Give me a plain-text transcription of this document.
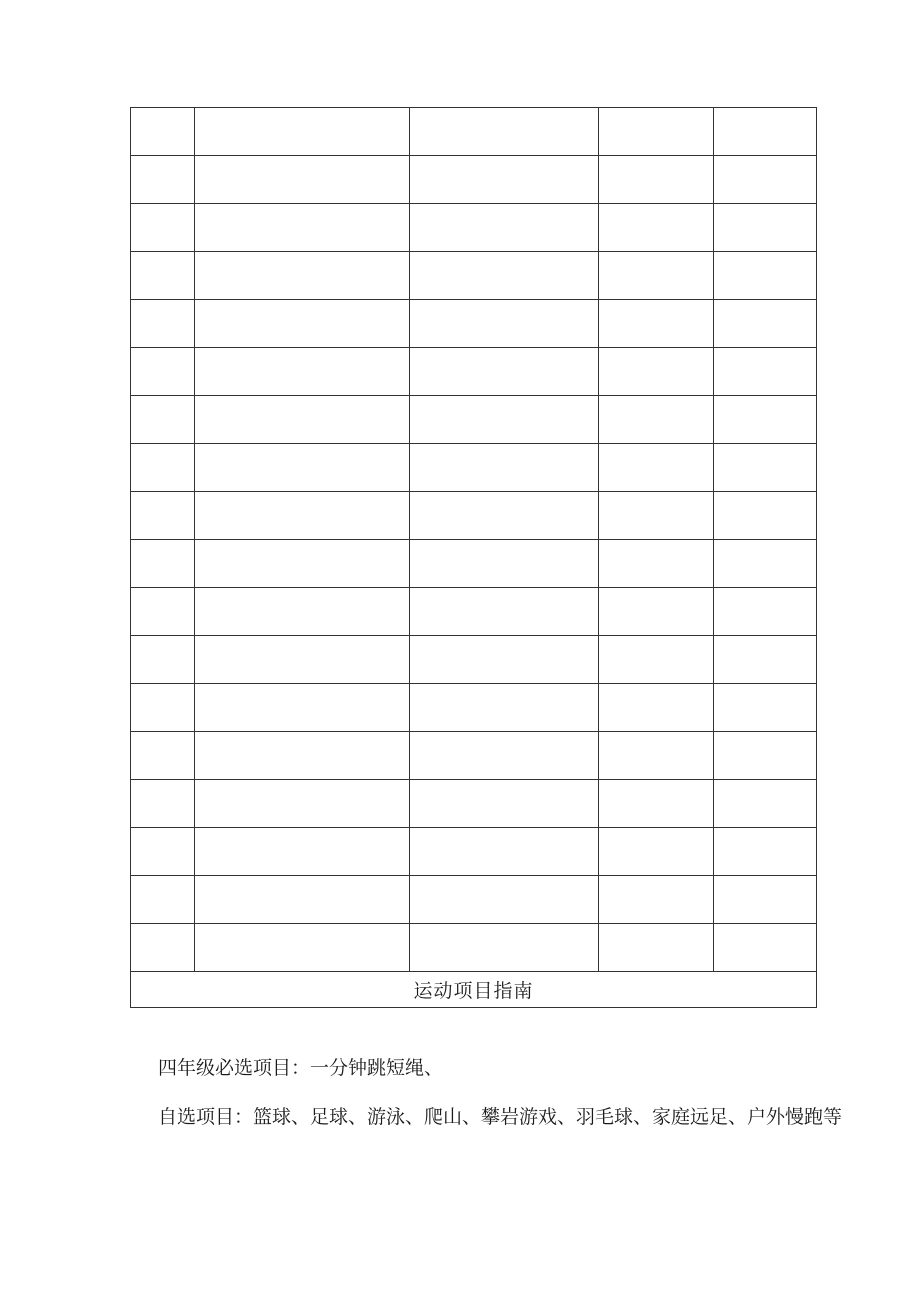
运动项目指南				
四年级必选项目：一分钟跳短绳、
自选项目：篮球、足球、游泳、爬山、攀岩游戏、羽毛球、家庭远足、户外慢跑等
